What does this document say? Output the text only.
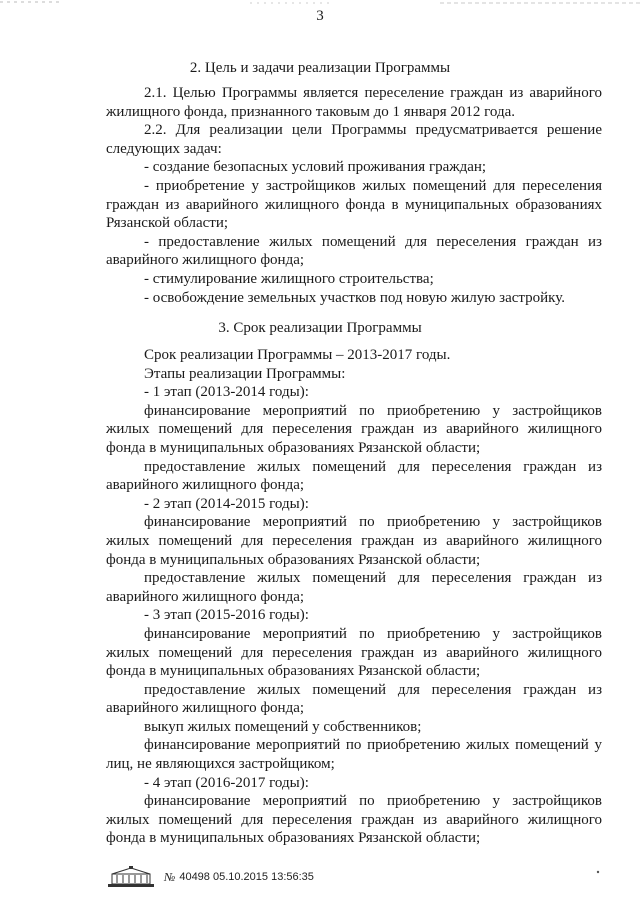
3
2. Цель и задачи реализации Программы

2.1. Целью Программы является переселение граждан из аварийного жилищного фонда, признанного таковым до 1 января 2012 года.

2.2. Для реализации цели Программы предусматривается решение следующих задач:

- создание безопасных условий проживания граждан;

- приобретение у застройщиков жилых помещений для переселения граждан из аварийного жилищного фонда в муниципальных образованиях Рязанской области;

- предоставление жилых помещений для переселения граждан из аварийного жилищного фонда;

- стимулирование жилищного строительства;

- освобождение земельных участков под новую жилую застройку.

3. Срок реализации Программы

Срок реализации Программы – 2013-2017 годы.

Этапы реализации Программы:

- 1 этап (2013-2014 годы):

финансирование мероприятий по приобретению у застройщиков жилых помещений для переселения граждан из аварийного жилищного фонда в муниципальных образованиях Рязанской области;

предоставление жилых помещений для переселения граждан из аварийного жилищного фонда;

- 2 этап (2014-2015 годы):

финансирование мероприятий по приобретению у застройщиков жилых помещений для переселения граждан из аварийного жилищного фонда в муниципальных образованиях Рязанской области;

предоставление жилых помещений для переселения граждан из аварийного жилищного фонда;

- 3 этап (2015-2016 годы):

финансирование мероприятий по приобретению у застройщиков жилых помещений для переселения граждан из аварийного жилищного фонда в муниципальных образованиях Рязанской области;

предоставление жилых помещений для переселения граждан из аварийного жилищного фонда;

выкуп жилых помещений у собственников;

финансирование мероприятий по приобретению жилых помещений у лиц, не являющихся застройщиком;

- 4 этап (2016-2017 годы):

финансирование мероприятий по приобретению у застройщиков жилых помещений для переселения граждан из аварийного жилищного фонда в муниципальных образованиях Рязанской области;

№ 40498 05.10.2015 13:56:35
